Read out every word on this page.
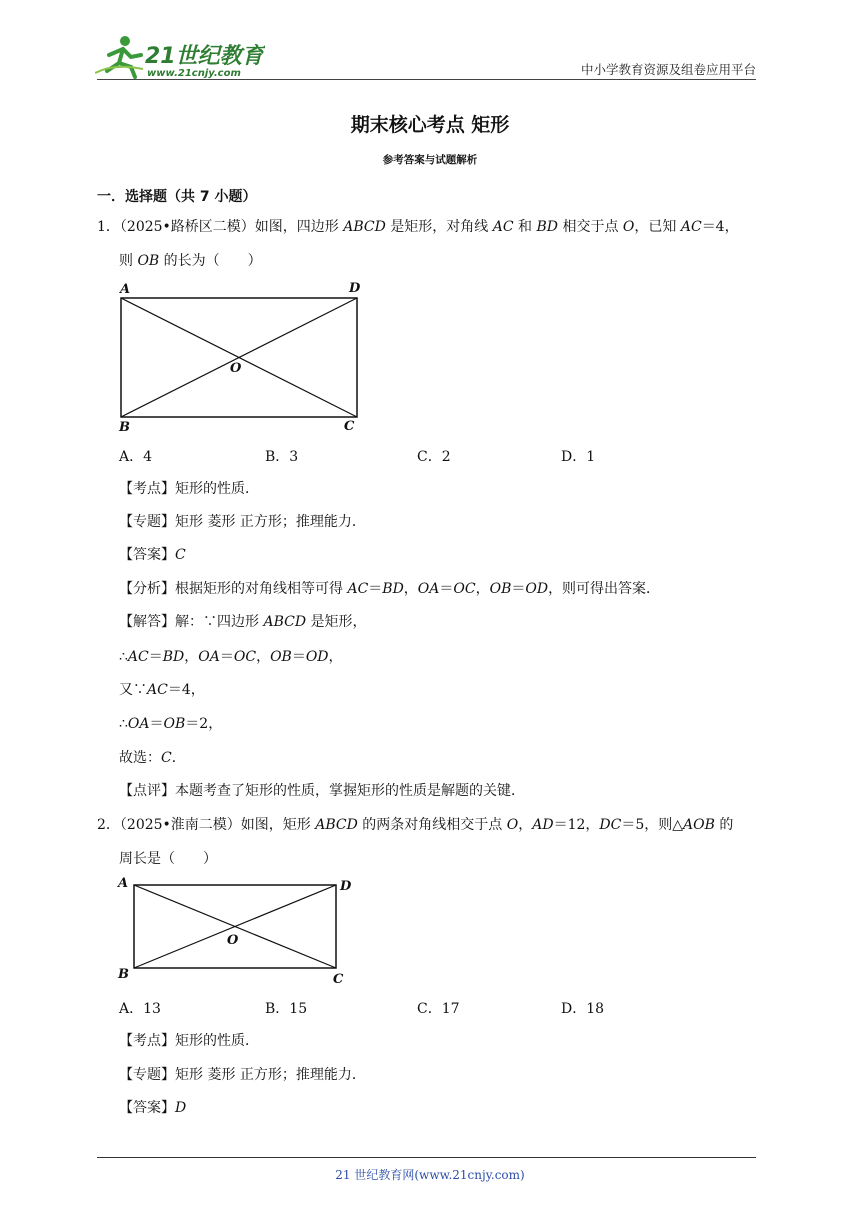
21世纪教育
www.21cnjy.com	中小学教育资源及组卷应用平台
期末核心考点 矩形
参考答案与试题解析
一．选择题（共 7 小题）
1．（2025•路桥区二模）如图，四边形 ABCD 是矩形，对角线 AC 和 BD 相交于点 O，已知 AC＝4，
则 OB 的长为（　　）
A	D
O
B	C
A．4	B．3	C．2	D．1
【考点】矩形的性质．
【专题】矩形 菱形 正方形；推理能力．
【答案】C
【分析】根据矩形的对角线相等可得 AC＝BD，OA＝OC，OB＝OD，则可得出答案．
【解答】解：∵四边形 ABCD 是矩形，
∴AC＝BD，OA＝OC，OB＝OD，
又∵AC＝4，
∴OA＝OB＝2，
故选：C．
【点评】本题考查了矩形的性质，掌握矩形的性质是解题的关键．
2．（2025•淮南二模）如图，矩形 ABCD 的两条对角线相交于点 O，AD＝12，DC＝5，则△AOB 的
周长是（　　）
A	D
O
B	C
A．13	B．15	C．17	D．18
【考点】矩形的性质．
【专题】矩形 菱形 正方形；推理能力．
【答案】D
21 世纪教育网(www.21cnjy.com)
